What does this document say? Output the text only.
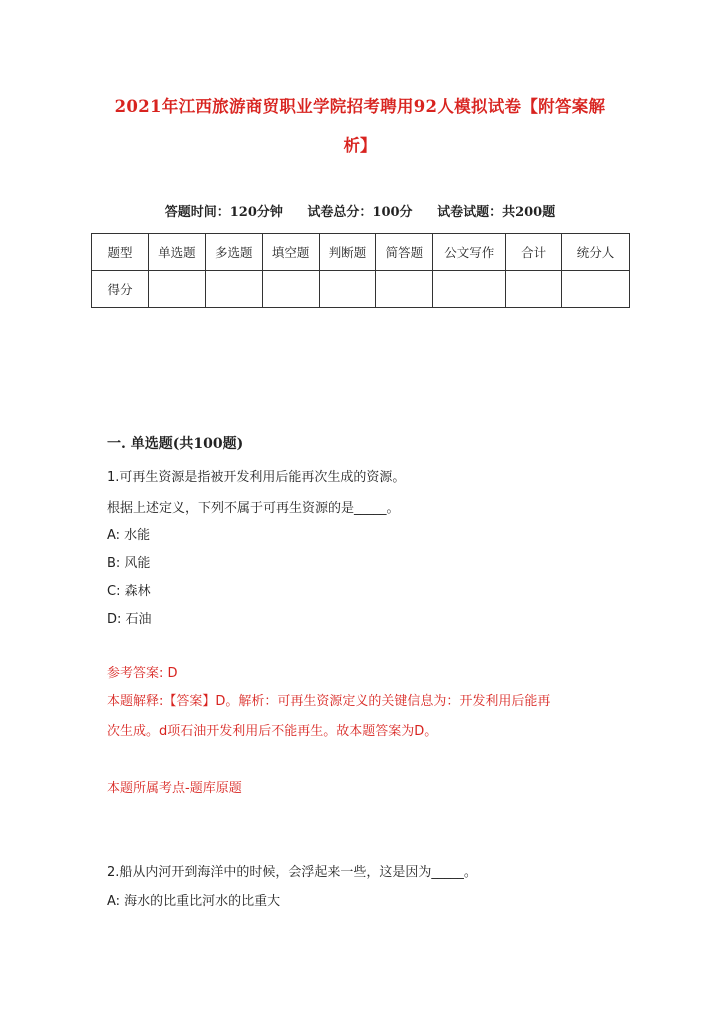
2021年江西旅游商贸职业学院招考聘用92人模拟试卷【附答案解
析】
答题时间：120分钟 试卷总分：100分 试卷试题：共200题
题型	单选题	多选题	填空题	判断题	简答题	公文写作	合计	统分人
得分								
一. 单选题(共100题)
1.可再生资源是指被开发利用后能再次生成的资源。
根据上述定义，下列不属于可再生资源的是_____。
A: 水能
B: 风能
C: 森林
D: 石油
参考答案: D
本题解释:【答案】D。解析：可再生资源定义的关键信息为：开发利用后能再
次生成。d项石油开发利用后不能再生。故本题答案为D。
本题所属考点-题库原题
2.船从内河开到海洋中的时候，会浮起来一些，这是因为_____。
A: 海水的比重比河水的比重大
